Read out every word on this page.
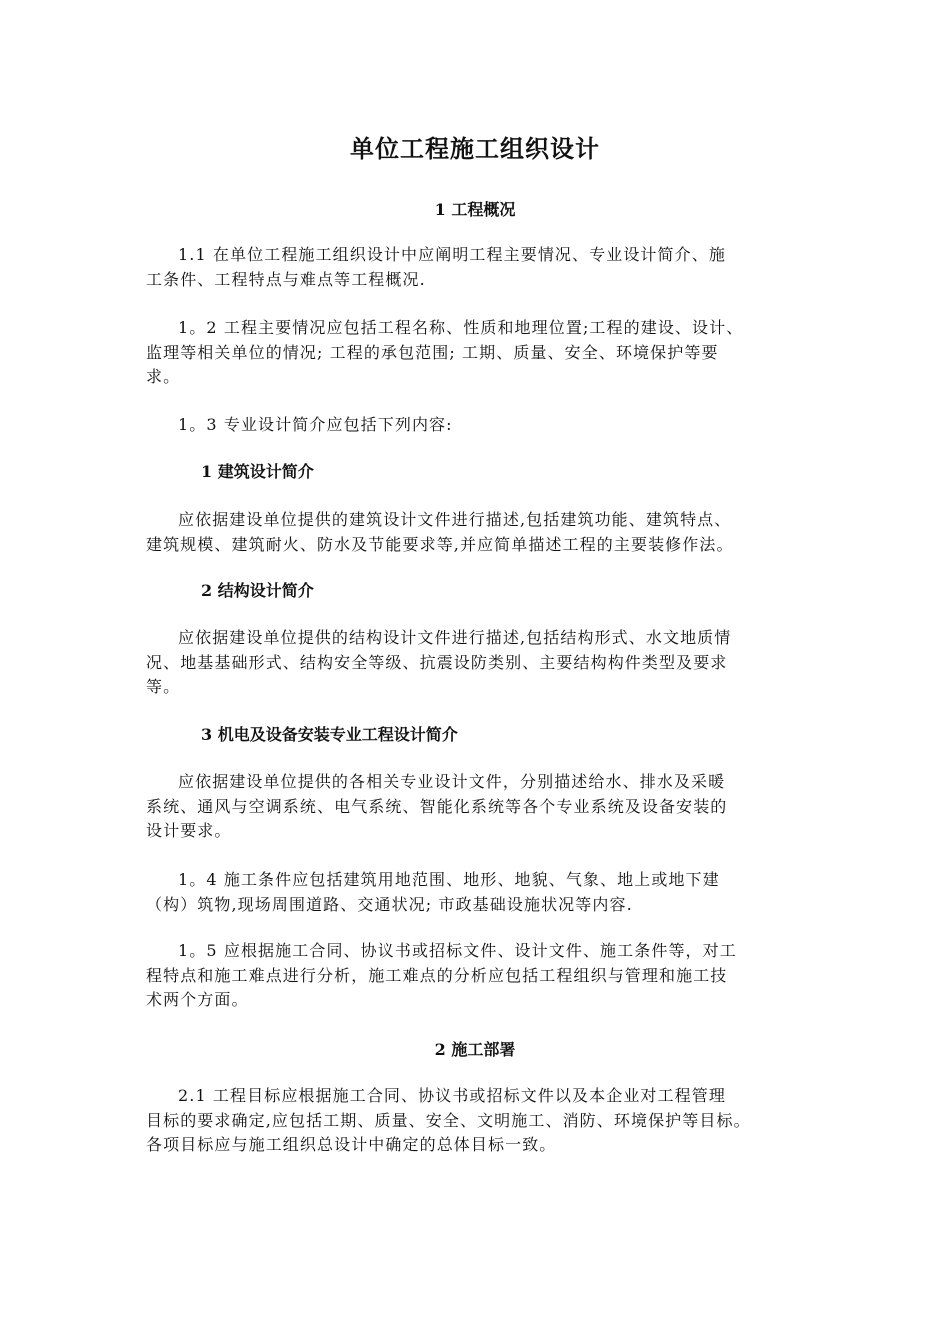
单位工程施工组织设计
1 工程概况

1.1 在单位工程施工组织设计中应阐明工程主要情况、专业设计简介、施
工条件、工程特点与难点等工程概况.

1。2 工程主要情况应包括工程名称、性质和地理位置;工程的建设、设计、
监理等相关单位的情况; 工程的承包范围; 工期、质量、安全、环境保护等要
求。

1。3 专业设计简介应包括下列内容:

1 建筑设计简介

应依据建设单位提供的建筑设计文件进行描述,包括建筑功能、建筑特点、
建筑规模、建筑耐火、防水及节能要求等,并应简单描述工程的主要装修作法。

2 结构设计简介

应依据建设单位提供的结构设计文件进行描述,包括结构形式、水文地质情
况、地基基础形式、结构安全等级、抗震设防类别、主要结构构件类型及要求
等。

3 机电及设备安装专业工程设计简介

应依据建设单位提供的各相关专业设计文件，分别描述给水、排水及采暖
系统、通风与空调系统、电气系统、智能化系统等各个专业系统及设备安装的
设计要求。

1。4 施工条件应包括建筑用地范围、地形、地貌、气象、地上或地下建
（构）筑物,现场周围道路、交通状况; 市政基础设施状况等内容.

1。5 应根据施工合同、协议书或招标文件、设计文件、施工条件等，对工
程特点和施工难点进行分析，施工难点的分析应包括工程组织与管理和施工技
术两个方面。

2 施工部署

2.1 工程目标应根据施工合同、协议书或招标文件以及本企业对工程管理
目标的要求确定,应包括工期、质量、安全、文明施工、消防、环境保护等目标。
各项目标应与施工组织总设计中确定的总体目标一致。
